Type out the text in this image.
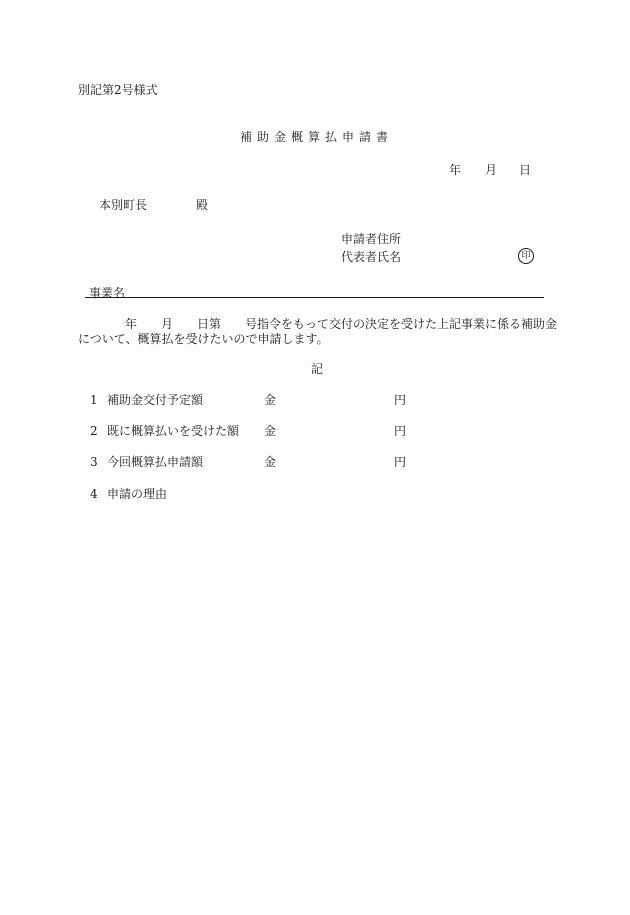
別記第2号様式
補助金概算払申請書
年 月 日
本別町長	殿
申請者住所
代表者氏名	印
事業名
年 月 日第 号指令をもって交付の決定を受けた上記事業に係る補助金
について、概算払を受けたいので申請します。
記
1 補助金交付予定額	金	円
2 既に概算払いを受けた額 金	円
3 今回概算払申請額	金	円
4 申請の理由
